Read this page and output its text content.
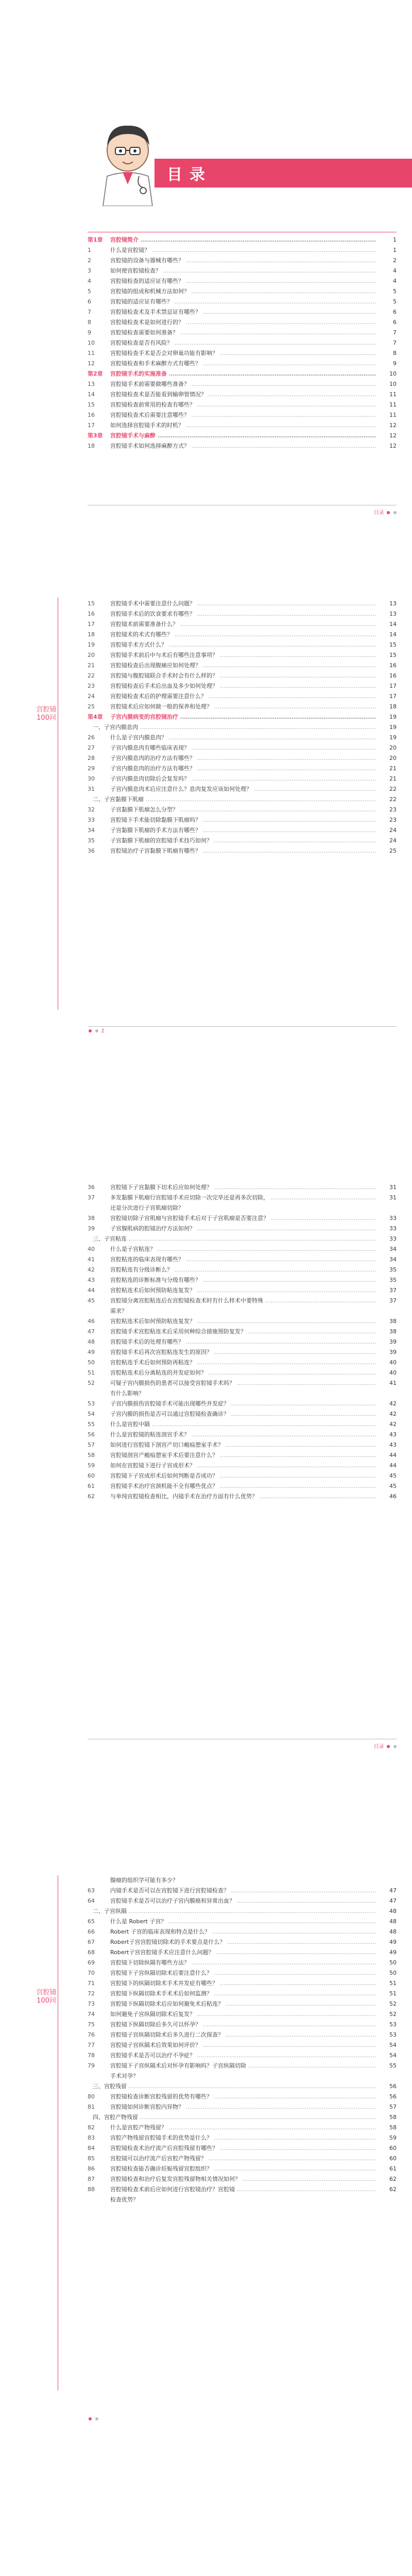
目录
第1章	宫腔镜简介 ………………………………………………………………………………………………………………………………………………………………………………	1
1	什么是宫腔镜？ ………………………………………………………………………………………………………………………………………………………………………………	1
2	宫腔镜的设备与器械有哪些？ ………………………………………………………………………………………………………………………………………………………………………………	2
3	如何使宫腔镜检查？ ………………………………………………………………………………………………………………………………………………………………………………	4
4	宫腔镜检查的适应证有哪些？ ………………………………………………………………………………………………………………………………………………………………………………	4
5	宫腔镜的组成和机械方法如何？ ………………………………………………………………………………………………………………………………………………………………………………	5
6	宫腔镜的适应证有哪些？ ………………………………………………………………………………………………………………………………………………………………………………	5
7	宫腔镜检查术及手术禁忌证有哪些？ ………………………………………………………………………………………………………………………………………………………………………………	6
8	宫腔镜检查术是如何进行的？ ………………………………………………………………………………………………………………………………………………………………………………	6
9	宫腔镜检查需要如何准备？ ………………………………………………………………………………………………………………………………………………………………………………	7
10	宫腔镜检查是否有风险？ ………………………………………………………………………………………………………………………………………………………………………………	7
11	宫腔镜检查手术是否会对卵巢功能有影响？ ………………………………………………………………………………………………………………………………………………………………………………	8
12	宫腔镜检查和手术麻醉方式有哪些？ ………………………………………………………………………………………………………………………………………………………………………………	9
第2章	宫腔镜手术的实施准备 ………………………………………………………………………………………………………………………………………………………………………………	10
13	宫腔镜手术前需要做哪些准备？ ………………………………………………………………………………………………………………………………………………………………………………	10
14	宫腔镜检查术是否能看到输卵管情况？ ………………………………………………………………………………………………………………………………………………………………………………	11
15	宫腔镜检查前常用的检查有哪些？ ………………………………………………………………………………………………………………………………………………………………………………	11
16	宫腔镜检查术后需要注意哪些？ ………………………………………………………………………………………………………………………………………………………………………………	11
17	如何选择宫腔镜手术的时机？ ………………………………………………………………………………………………………………………………………………………………………………	12
第3章	宫腔镜手术与麻醉 ………………………………………………………………………………………………………………………………………………………………………………	12
18	宫腔镜手术如何选择麻醉方式？ ………………………………………………………………………………………………………………………………………………………………………………	12
目录
宫腔镜100问
15	宫腔镜手术中需要注意什么问题？ ………………………………………………………………………………………………………………………………………………………………………………	13
16	宫腔镜手术后的饮食要求有哪些？ ………………………………………………………………………………………………………………………………………………………………………………	13
17	宫腔镜术前需要准备什么？ ………………………………………………………………………………………………………………………………………………………………………………	14
18	宫腔镜术的术式有哪些？ ………………………………………………………………………………………………………………………………………………………………………………	14
19	宫腔镜手术方式什么？ ………………………………………………………………………………………………………………………………………………………………………………	15
20	宫腔镜手术前后中与术后有哪些注意事项？ ………………………………………………………………………………………………………………………………………………………………………………	15
21	宫腔镜检查后出现腹痛应如何处理？ ………………………………………………………………………………………………………………………………………………………………………………	16
22	宫腔镜与腹腔镜联合手术时会有什么样的？ ………………………………………………………………………………………………………………………………………………………………………………	16
23	宫腔镜检查后手术后出血及多少如何处理？ ………………………………………………………………………………………………………………………………………………………………………………	17
24	宫腔镜检查术后的护理需要注意什么？ ………………………………………………………………………………………………………………………………………………………………………………	17
25	宫腔镜术后应如何做一般的保养和处理？ ………………………………………………………………………………………………………………………………………………………………………………	18
第4章	子宫内膜病变的宫腔镜治疗 ………………………………………………………………………………………………………………………………………………………………………………	19
一、子宫内膜息肉 ………………………………………………………………………………………………………………………………………………………………………………	19
26	什么是子宫内膜息肉？ ………………………………………………………………………………………………………………………………………………………………………………	19
27	子宫内膜息肉有哪些临床表现？ ………………………………………………………………………………………………………………………………………………………………………………	20
28	子宫内膜息肉的治疗方法有哪些？ ………………………………………………………………………………………………………………………………………………………………………………	20
29	子宫内膜息肉的治疗方法有哪些？ ………………………………………………………………………………………………………………………………………………………………………………	21
30	子宫内膜息肉切除后会复发吗？ ………………………………………………………………………………………………………………………………………………………………………………	21
31	子宫内膜息肉术后应注意什么？息肉复发应该如何处理？ ………………………………………………………………………………………………………………………………………………………………………………	22
二、子宫黏膜下肌瘤 ………………………………………………………………………………………………………………………………………………………………………………	22
32	子宫黏膜下肌瘤怎么分型？ ………………………………………………………………………………………………………………………………………………………………………………	23
33	宫腔镜下手术能切除黏膜下肌瘤吗？ ………………………………………………………………………………………………………………………………………………………………………………	23
34	子宫黏膜下肌瘤的手术方法有哪些？ ………………………………………………………………………………………………………………………………………………………………………………	24
35	子宫黏膜下肌瘤的宫腔镜手术技巧如何？ ………………………………………………………………………………………………………………………………………………………………………………	24
36	宫腔镜治疗子宫黏膜下肌瘤有哪些？ ………………………………………………………………………………………………………………………………………………………………………………	25
2
36	宫腔镜下子宫黏膜下切术后应如何处理？ ………………………………………………………………………………………………………………………………………………………………………………	31
37	多发黏膜下肌瘤行宫腔镜手术应切除一次完毕还是再多次切除， ………………………………………………………………………………………………………………………………………………………………………………	31
还是分次进行子宫肌瘤切除？
38	宫腔镜切除子宫肌瘤与宫腔镜手术后对于子宫肌瘤是否要注意？ ………………………………………………………………………………………………………………………………………………………………………………	33
39	子宫腺肌病的腔镜治疗方法如何？ ………………………………………………………………………………………………………………………………………………………………………………	33
三、子宫粘连 ………………………………………………………………………………………………………………………………………………………………………………	33
40	什么是子宫粘连？ ………………………………………………………………………………………………………………………………………………………………………………	34
41	宫腔粘连的临床表现有哪些？ ………………………………………………………………………………………………………………………………………………………………………………	34
42	宫腔粘连有分级诊断么？ ………………………………………………………………………………………………………………………………………………………………………………	35
43	宫腔粘连的诊断标准与分级有哪些？ ………………………………………………………………………………………………………………………………………………………………………………	35
44	宫腔粘连术后如何预防粘连复发？ ………………………………………………………………………………………………………………………………………………………………………………	37
45	宫腔镜分离宫腔粘连后在宫腔镜检查术时有什么样术中要特殊 ………………………………………………………………………………………………………………………………………………………………………………	37
需求？
46	宫腔粘连术后如何预防粘连复发？ ………………………………………………………………………………………………………………………………………………………………………………	38
47	宫腔镜手术宫腔粘连术后采用何种综合措施预防复发？ ………………………………………………………………………………………………………………………………………………………………………………	38
48	宫腔镜手术后的处理有哪些？ ………………………………………………………………………………………………………………………………………………………………………………	39
49	宫腔镜手术后再次宫腔粘连发生的原因？ ………………………………………………………………………………………………………………………………………………………………………………	39
50	宫腔粘连手术后如何预防再粘连？ ………………………………………………………………………………………………………………………………………………………………………………	40
51	宫腔粘连术后分离粘连的并发症如何？ ………………………………………………………………………………………………………………………………………………………………………………	40
52	可疑子宫内膜损伤的患者可以接受宫腔镜手术吗？ ………………………………………………………………………………………………………………………………………………………………………………	41
有什么影响？
53	子宫内膜损伤宫腔镜手术可能出现哪些并发症？ ………………………………………………………………………………………………………………………………………………………………………………	42
54	子宫内膜的损伤是否可以通过宫腔镜检查确诊？ ………………………………………………………………………………………………………………………………………………………………………………	42
55	什么是宫腔中隔 ………………………………………………………………………………………………………………………………………………………………………………	42
56	什么是宫腔镜的粘连剖宫手术？ ………………………………………………………………………………………………………………………………………………………………………………	43
57	如何进行宫腔镜下剖宫产切口瘢痕憩室手术？ ………………………………………………………………………………………………………………………………………………………………………………	43
58	宫腔镜剖宫产瘢痕憩室手术后要注意什么？ ………………………………………………………………………………………………………………………………………………………………………………	44
59	如何在宫腔镜下进行子宫成形术？ ………………………………………………………………………………………………………………………………………………………………………………	44
60	宫腔镜下子宫成形术后如何判断是否成功？ ………………………………………………………………………………………………………………………………………………………………………………	45
61	宫腔镜手术治疗宫颈机能不全有哪些优点？ ………………………………………………………………………………………………………………………………………………………………………………	45
62	与单纯宫腔镜检查相比，内镜手术在治疗方面有什么优势？ ………………………………………………………………………………………………………………………………………………………………………………	46
目录
宫腔镜100问
腺瘤的组织学可能有多少？
63	内镜手术是否可以在宫腔镜下进行宫腔镜检查？ ………………………………………………………………………………………………………………………………………………………………………………	47
64	宫腔镜手术是否可以治疗子宫内膜癌和异常出血？ ………………………………………………………………………………………………………………………………………………………………………………	47
二、子宫纵隔 ………………………………………………………………………………………………………………………………………………………………………………	48
65	什么是 Robert 子宫？ ………………………………………………………………………………………………………………………………………………………………………………	48
66	Robert 子宫的临床表现和特点是什么？ ………………………………………………………………………………………………………………………………………………………………………………	48
67	Robert子宫宫腔镜切除术的手术要点是什么？ ………………………………………………………………………………………………………………………………………………………………………………	49
68	Robert子宫宫腔镜手术应注意什么问题？ ………………………………………………………………………………………………………………………………………………………………………………	49
69	宫腔镜下切除纵隔有哪些方法？ ………………………………………………………………………………………………………………………………………………………………………………	50
70	宫腔镜下子宫纵隔切除术后要注意什么？ ………………………………………………………………………………………………………………………………………………………………………………	50
71	宫腔镜下的纵隔切除术手术并发症有哪些？ ………………………………………………………………………………………………………………………………………………………………………………	51
72	宫腔镜下纵隔切除术手术术后如何监测？ ………………………………………………………………………………………………………………………………………………………………………………	51
73	宫腔镜下纵隔切除术后应如何避免术后粘连？ ………………………………………………………………………………………………………………………………………………………………………………	52
74	如何避免子宫纵隔切除术后复发？ ………………………………………………………………………………………………………………………………………………………………………………	52
75	宫腔镜下纵隔切除后多久可以怀孕？ ………………………………………………………………………………………………………………………………………………………………………………	53
76	宫腔镜子宫纵隔切除术后多久进行二次探查？ ………………………………………………………………………………………………………………………………………………………………………………	53
77	宫腔镜子宫纵隔术后效果如何评价？ ………………………………………………………………………………………………………………………………………………………………………………	54
78	宫腔镜手术是否可以治疗不孕症？ ………………………………………………………………………………………………………………………………………………………………………………	54
79	宫腔镜下子宫纵隔术后对怀孕有影响吗？子宫纵隔切除 ………………………………………………………………………………………………………………………………………………………………………………	55
手术对孕？
三、宫腔残留 ………………………………………………………………………………………………………………………………………………………………………………	56
80	宫腔镜检查诊断宫腔残留的优势有哪些？ ………………………………………………………………………………………………………………………………………………………………………………	56
81	宫腔镜如何诊断宫腔内异物？ ………………………………………………………………………………………………………………………………………………………………………………	57
四、宫腔产物残留 ………………………………………………………………………………………………………………………………………………………………………………	58
82	什么是宫腔产物残留？ ………………………………………………………………………………………………………………………………………………………………………………	58
83	宫腔产物残留宫腔镜手术的优势是什么？ ………………………………………………………………………………………………………………………………………………………………………………	59
84	宫腔镜检查术治疗流产后宫腔残留有哪些？ ………………………………………………………………………………………………………………………………………………………………………………	60
85	宫腔镜可以治疗流产后宫腔产物残留？ ………………………………………………………………………………………………………………………………………………………………………………	60
86	宫腔镜检查能否确诊妊娠残留宫腔组织？ ………………………………………………………………………………………………………………………………………………………………………………	61
87	宫腔镜检查和治疗后复发宫腔残留物相关情况如何？ ………………………………………………………………………………………………………………………………………………………………………………	62
88	宫腔镜检查术前后应如何进行宫腔镜治疗？宫腔镜 ………………………………………………………………………………………………………………………………………………………………………………	62
检查优势？
